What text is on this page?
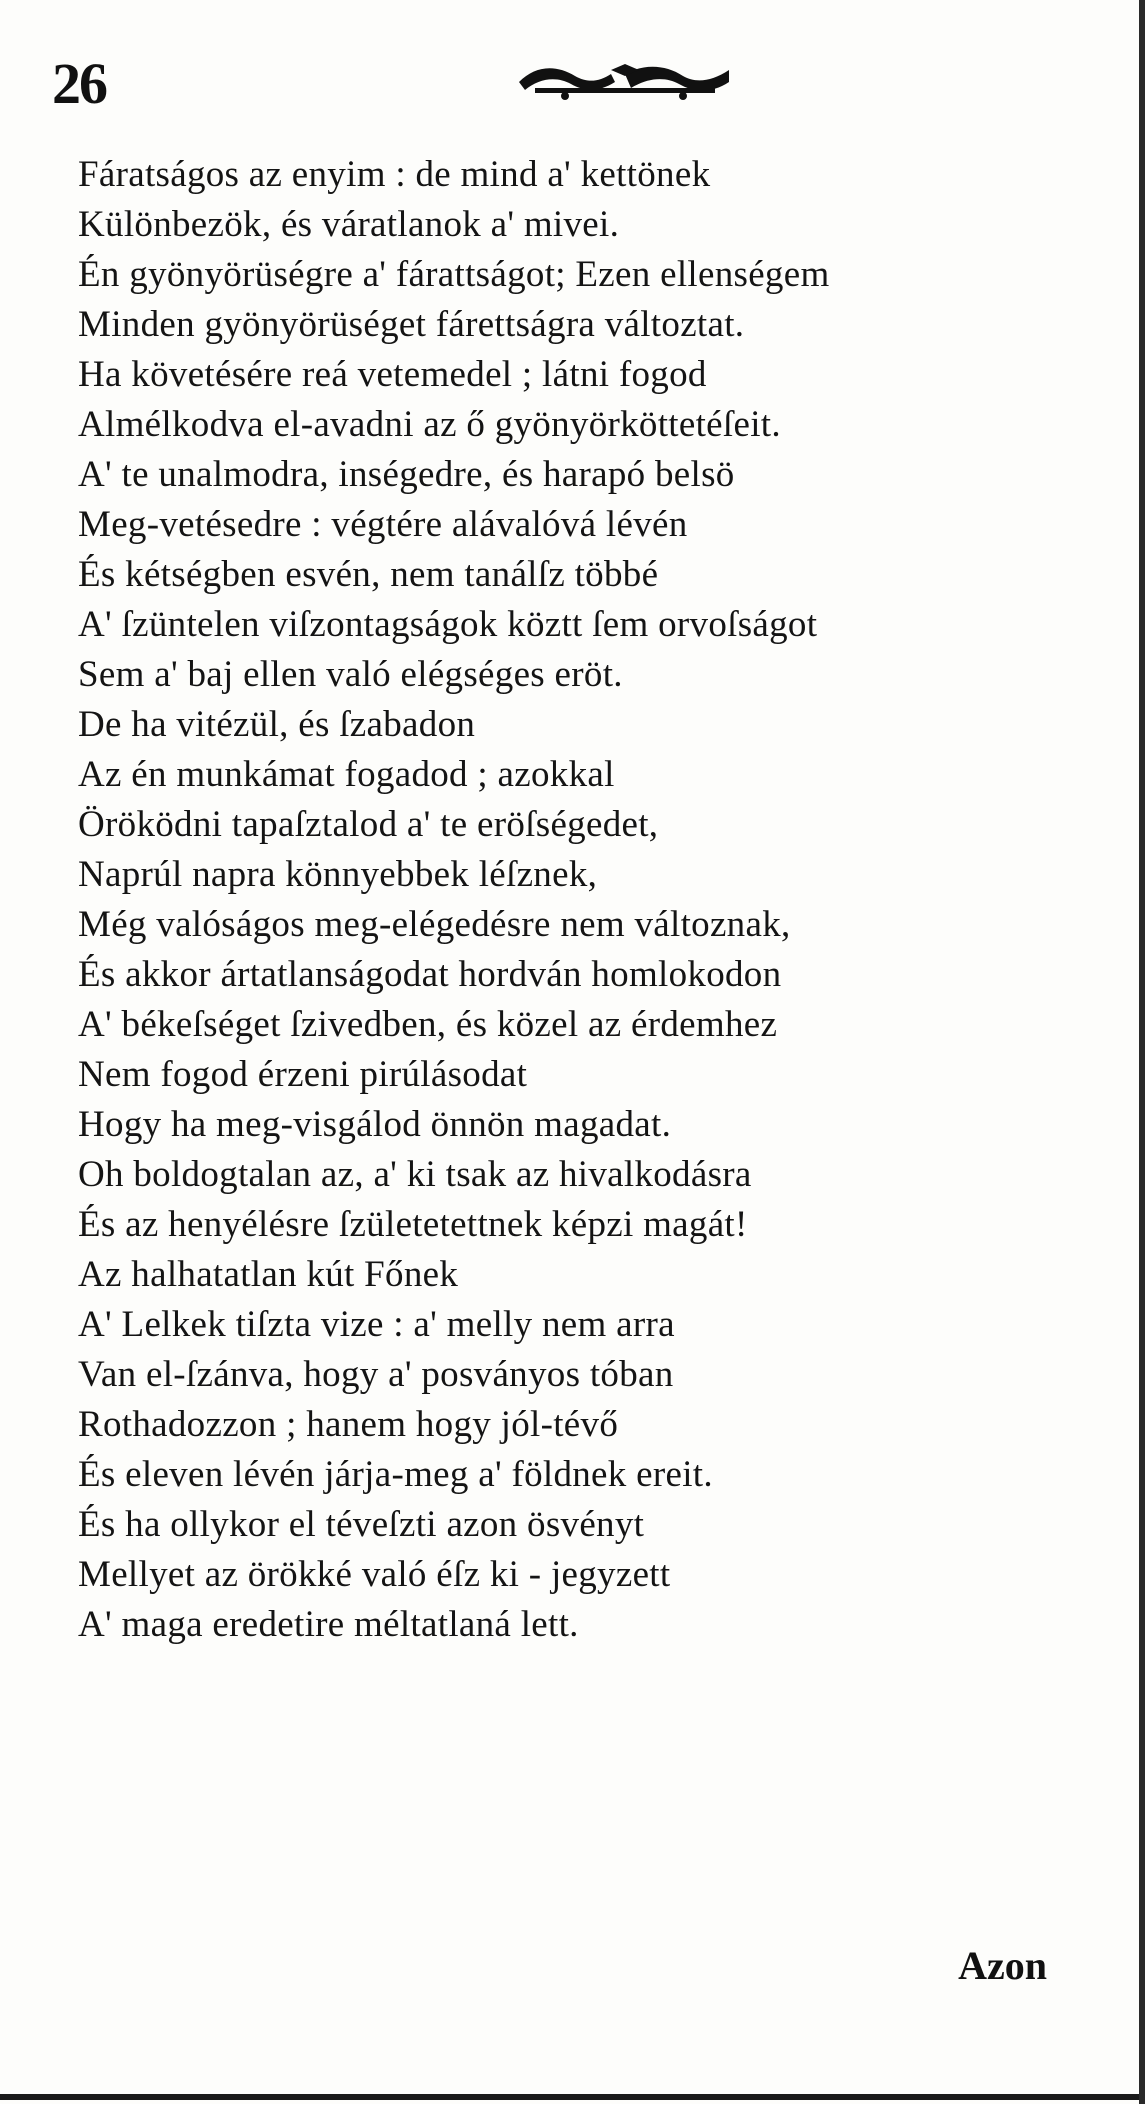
26
Fáratságos az enyim : de mind a' kettönek
Különbezök, és váratlanok a' mivei.
Én gyönyörüségre a' fárattságot; Ezen ellenségem
Minden gyönyörüséget fárettságra változtat.
Ha követésére reá vetemedel ; látni fogod
Almélkodva el-avadni az ő gyönyörköttetéſeit.
A' te unalmodra, inségedre, és harapó belsö
Meg-vetésedre : végtére alávalóvá lévén
És kétségben esvén, nem tanálſz többé
A' ſzüntelen viſzontagságok köztt ſem orvoſságot
Sem a' baj ellen való elégséges eröt.
De ha vitézül, és ſzabadon
Az én munkámat fogadod ; azokkal
Öröködni tapaſztalod a' te eröſségedet,
Naprúl napra könnyebbek léſznek,
Még valóságos meg-elégedésre nem változnak,
És akkor ártatlanságodat hordván homlokodon
A' békeſséget ſzivedben, és közel az érdemhez
Nem fogod érzeni pirúlásodat
Hogy ha meg-visgálod önnön magadat.
Oh boldogtalan az, a' ki tsak az hivalkodásra
És az henyélésre ſzületetettnek képzi magát!
Az halhatatlan kút Főnek
A' Lelkek tiſzta vize : a' melly nem arra
Van el-ſzánva, hogy a' posványos tóban
Rothadozzon ; hanem hogy jól-tévő
És eleven lévén járja-meg a' földnek ereit.
És ha ollykor el téveſzti azon ösvényt
Mellyet az örökké való éſz ki - jegyzett
A' maga eredetire méltatlaná lett.
Azon
